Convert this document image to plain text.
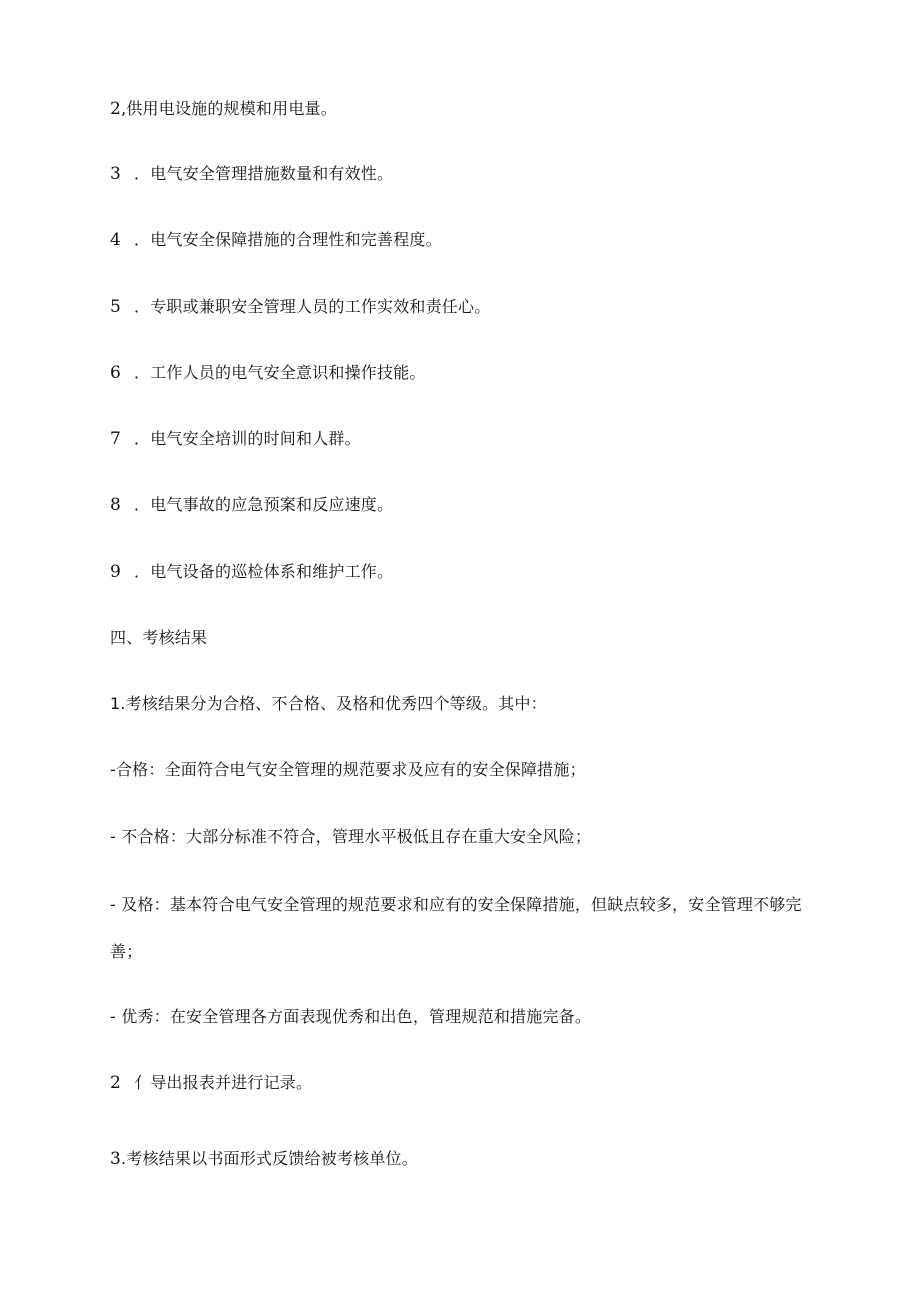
2,供用电设施的规模和用电量。
3 ．电气安全管理措施数量和有效性。
4 ．电气安全保障措施的合理性和完善程度。
5 ．专职或兼职安全管理人员的工作实效和责任心。
6 ．工作人员的电气安全意识和操作技能。
7 ．电气安全培训的时间和人群。
8 ．电气事故的应急预案和反应速度。
9 ．电气设备的巡检体系和维护工作。
四、考核结果
1.考核结果分为合格、不合格、及格和优秀四个等级。其中：
-合格：全面符合电气安全管理的规范要求及应有的安全保障措施；
- 不合格：大部分标准不符合，管理水平极低且存在重大安全风险；
- 及格：基本符合电气安全管理的规范要求和应有的安全保障措施，但缺点较多，安全管理不够完善；
- 优秀：在安全管理各方面表现优秀和出色，管理规范和措施完备。
2 亻导出报表并进行记录。
3.考核结果以书面形式反馈给被考核单位。
